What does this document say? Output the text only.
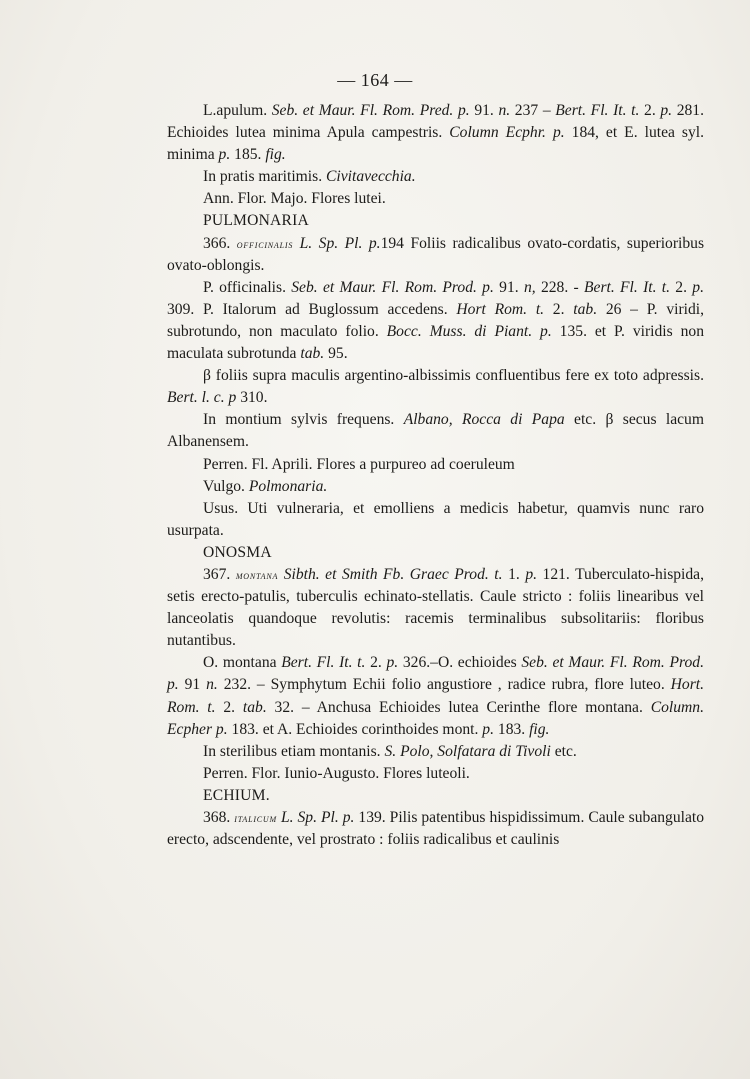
— 164 —

L.apulum. Seb. et Maur. Fl. Rom. Pred. p. 91. n. 237 – Bert. Fl. It. t. 2. p. 281. Echioides lutea minima Apula campestris. Column Ecphr. p. 184, et E. lutea syl. minima p. 185. fig.

In pratis maritimis. Civitavecchia.

Ann. Flor. Majo. Flores lutei.

PULMONARIA

366. officinalis L. Sp. Pl. p.194 Foliis radicalibus ovato-cordatis, superioribus ovato-oblongis.

P. officinalis. Seb. et Maur. Fl. Rom. Prod. p. 91. n, 228. - Bert. Fl. It. t. 2. p. 309. P. Italorum ad Buglossum accedens. Hort Rom. t. 2. tab. 26 – P. viridi, subrotundo, non maculato folio. Bocc. Muss. di Piant. p. 135. et P. viridis non maculata subrotunda tab. 95.

β foliis supra maculis argentino-albissimis confluentibus fere ex toto adpressis. Bert. l. c. p 310.

In montium sylvis frequens. Albano, Rocca di Papa etc. β secus lacum Albanensem.

Perren. Fl. Aprili. Flores a purpureo ad coeruleum

Vulgo. Polmonaria.

Usus. Uti vulneraria, et emolliens a medicis habetur, quamvis nunc raro usurpata.

ONOSMA

367. montana Sibth. et Smith Fb. Graec Prod. t. 1. p. 121. Tuberculato-hispida, setis erecto-patulis, tuberculis echinato-stellatis. Caule stricto : foliis linearibus vel lanceolatis quandoque revolutis: racemis terminalibus subsolitariis: floribus nutantibus.

O. montana Bert. Fl. It. t. 2. p. 326.–O. echioides Seb. et Maur. Fl. Rom. Prod. p. 91 n. 232. – Symphytum Echii folio angustiore , radice rubra, flore luteo. Hort. Rom. t. 2. tab. 32. – Anchusa Echioides lutea Cerinthe flore montana. Column. Ecpher p. 183. et A. Echioides corinthoides mont. p. 183. fig.

In sterilibus etiam montanis. S. Polo, Solfatara di Tivoli etc.

Perren. Flor. Iunio-Augusto. Flores luteoli.

ECHIUM.

368. italicum L. Sp. Pl. p. 139. Pilis patentibus hispidissimum. Caule subangulato erecto, adscendente, vel prostrato : foliis radicalibus et caulinis
